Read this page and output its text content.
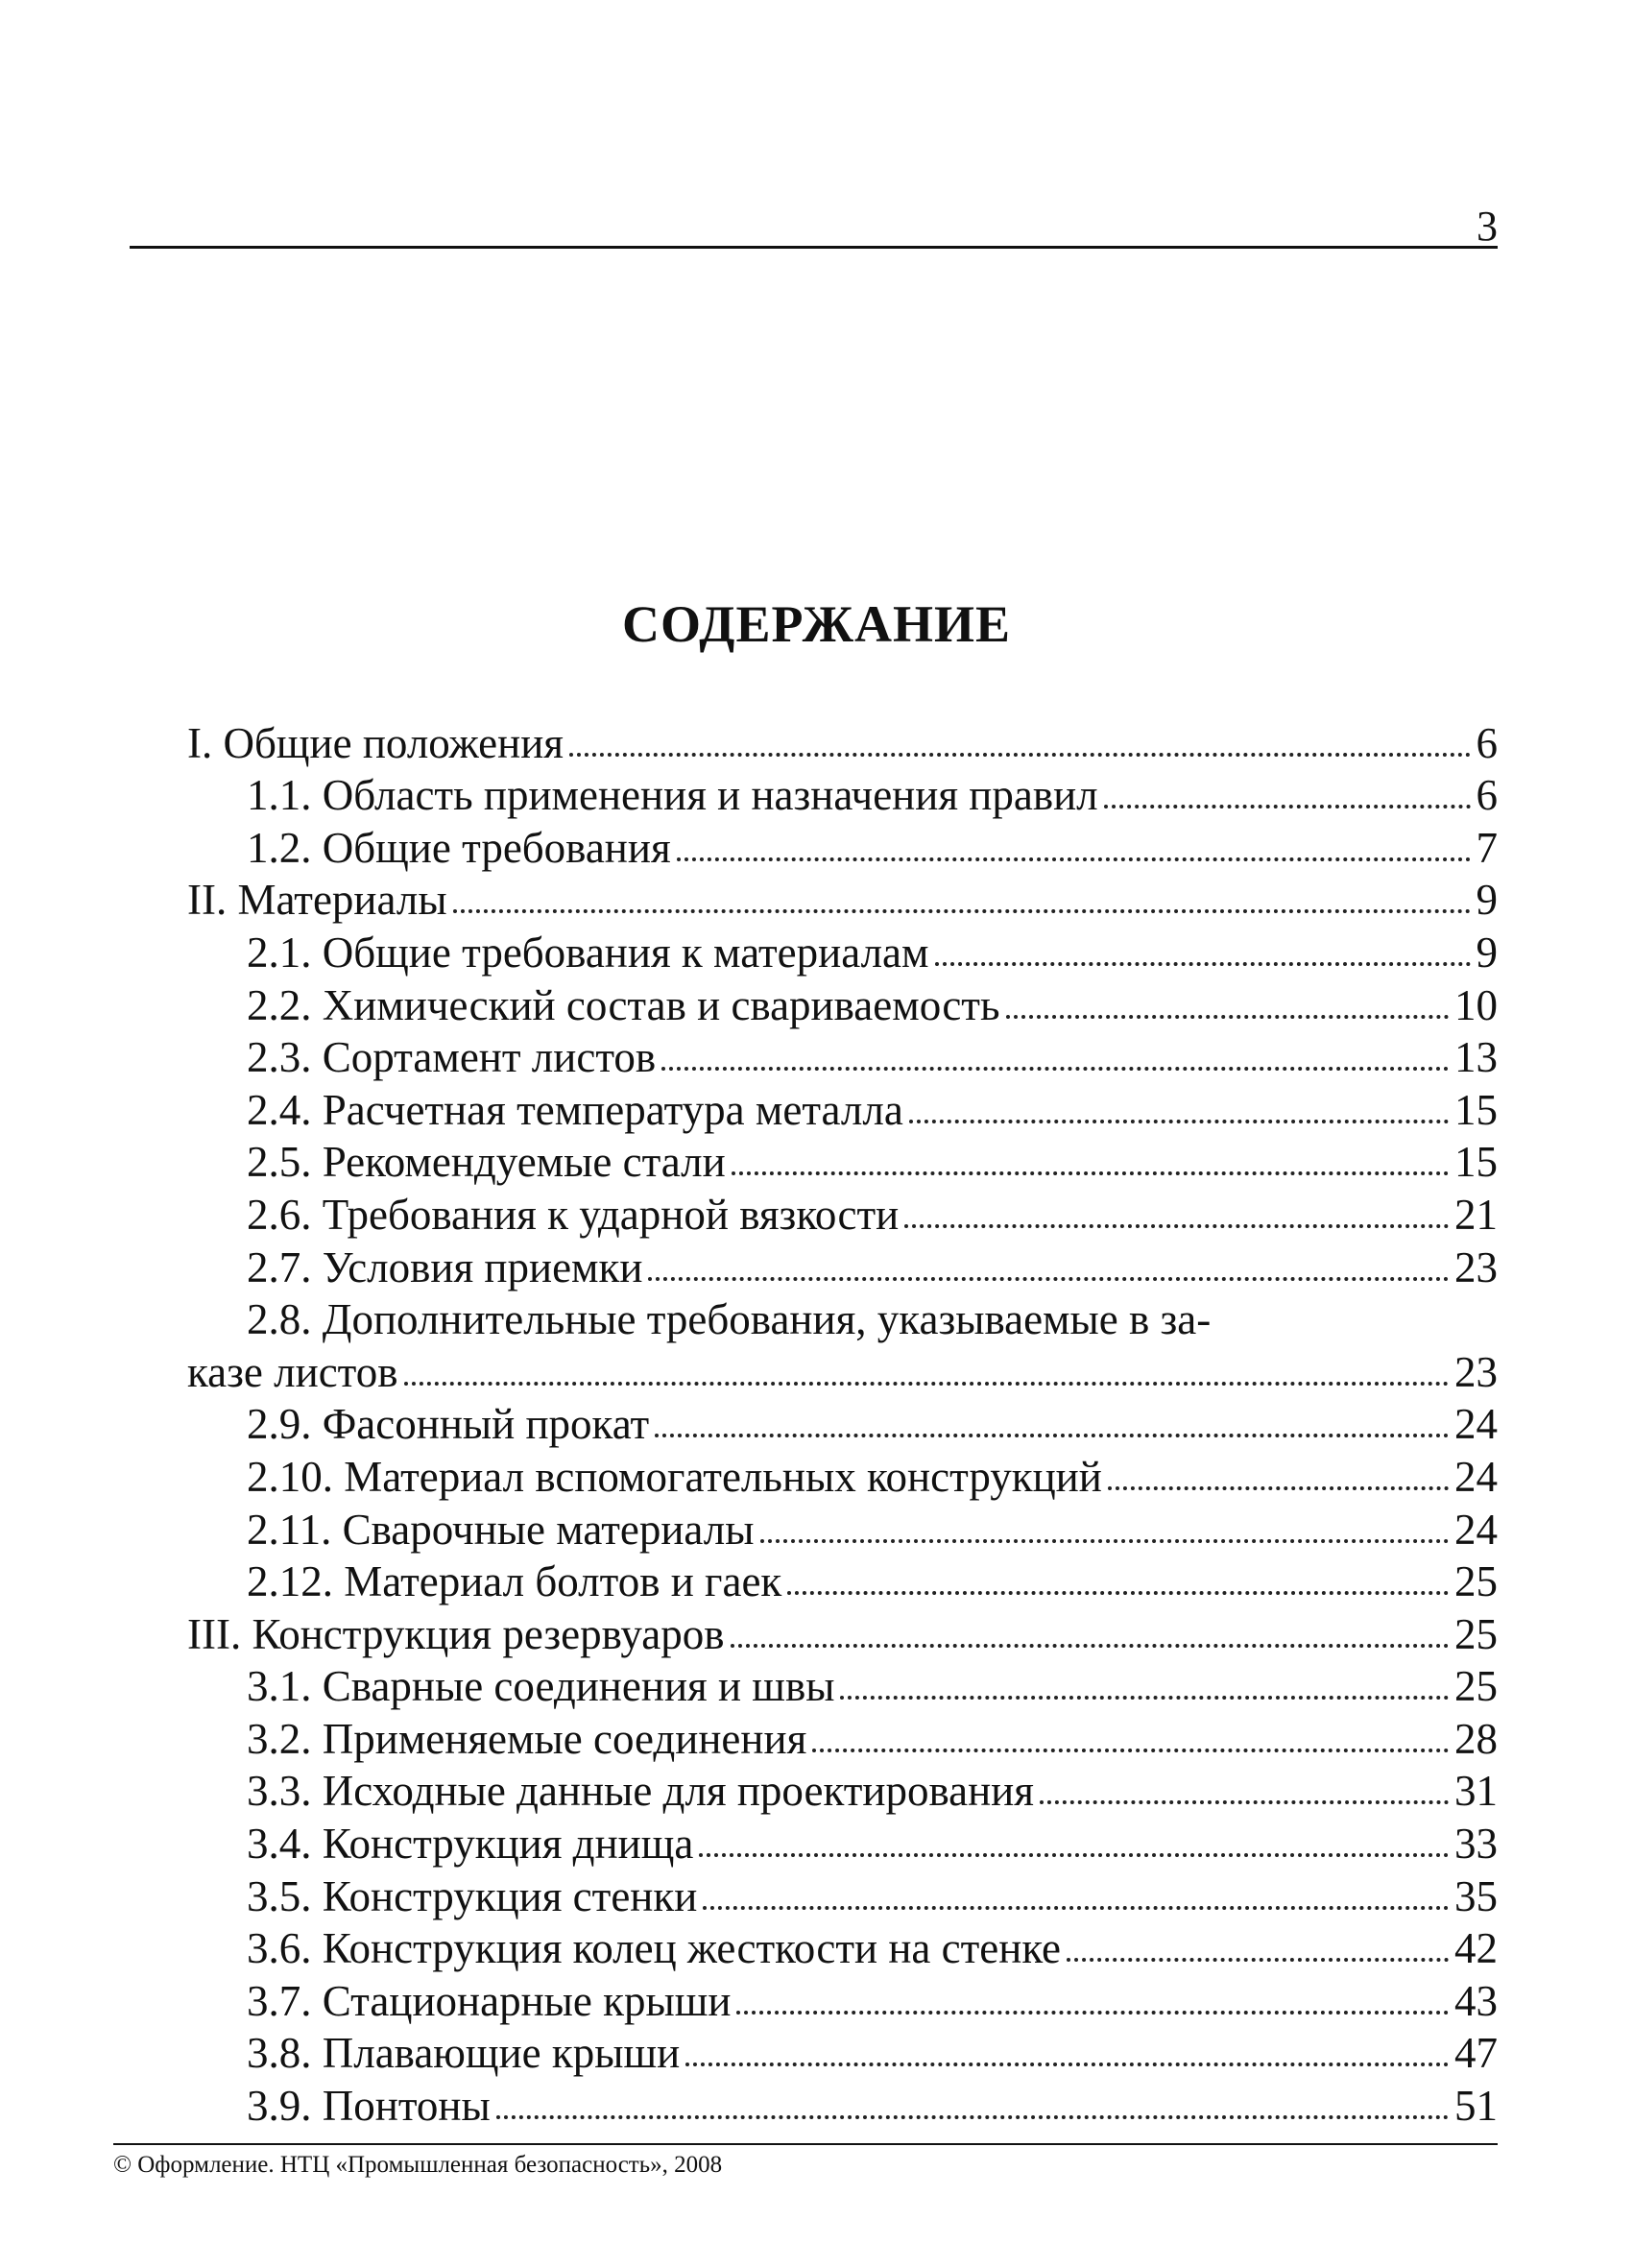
3
СОДЕРЖАНИЕ
I. Общие положения	6
1.1. Область применения и назначения правил	6
1.2. Общие требования	7
II. Материалы	9
2.1. Общие требования к материалам	9
2.2. Химический состав и свариваемость	10
2.3. Сортамент листов	13
2.4. Расчетная температура металла	15
2.5. Рекомендуемые стали	15
2.6. Требования к ударной вязкости	21
2.7. Условия приемки	23
2.8. Дополнительные требования, указываемые в за-
казе листов	23
2.9. Фасонный прокат	24
2.10. Материал вспомогательных конструкций	24
2.11. Сварочные материалы	24
2.12. Материал болтов и гаек	25
III. Конструкция резервуаров	25
3.1. Сварные соединения и швы	25
3.2. Применяемые соединения	28
3.3. Исходные данные для проектирования	31
3.4. Конструкция днища	33
3.5. Конструкция стенки	35
3.6. Конструкция колец жесткости на стенке	42
3.7. Стационарные крыши	43
3.8. Плавающие крыши	47
3.9. Понтоны	51
© Оформление. НТЦ «Промышленная безопасность», 2008
